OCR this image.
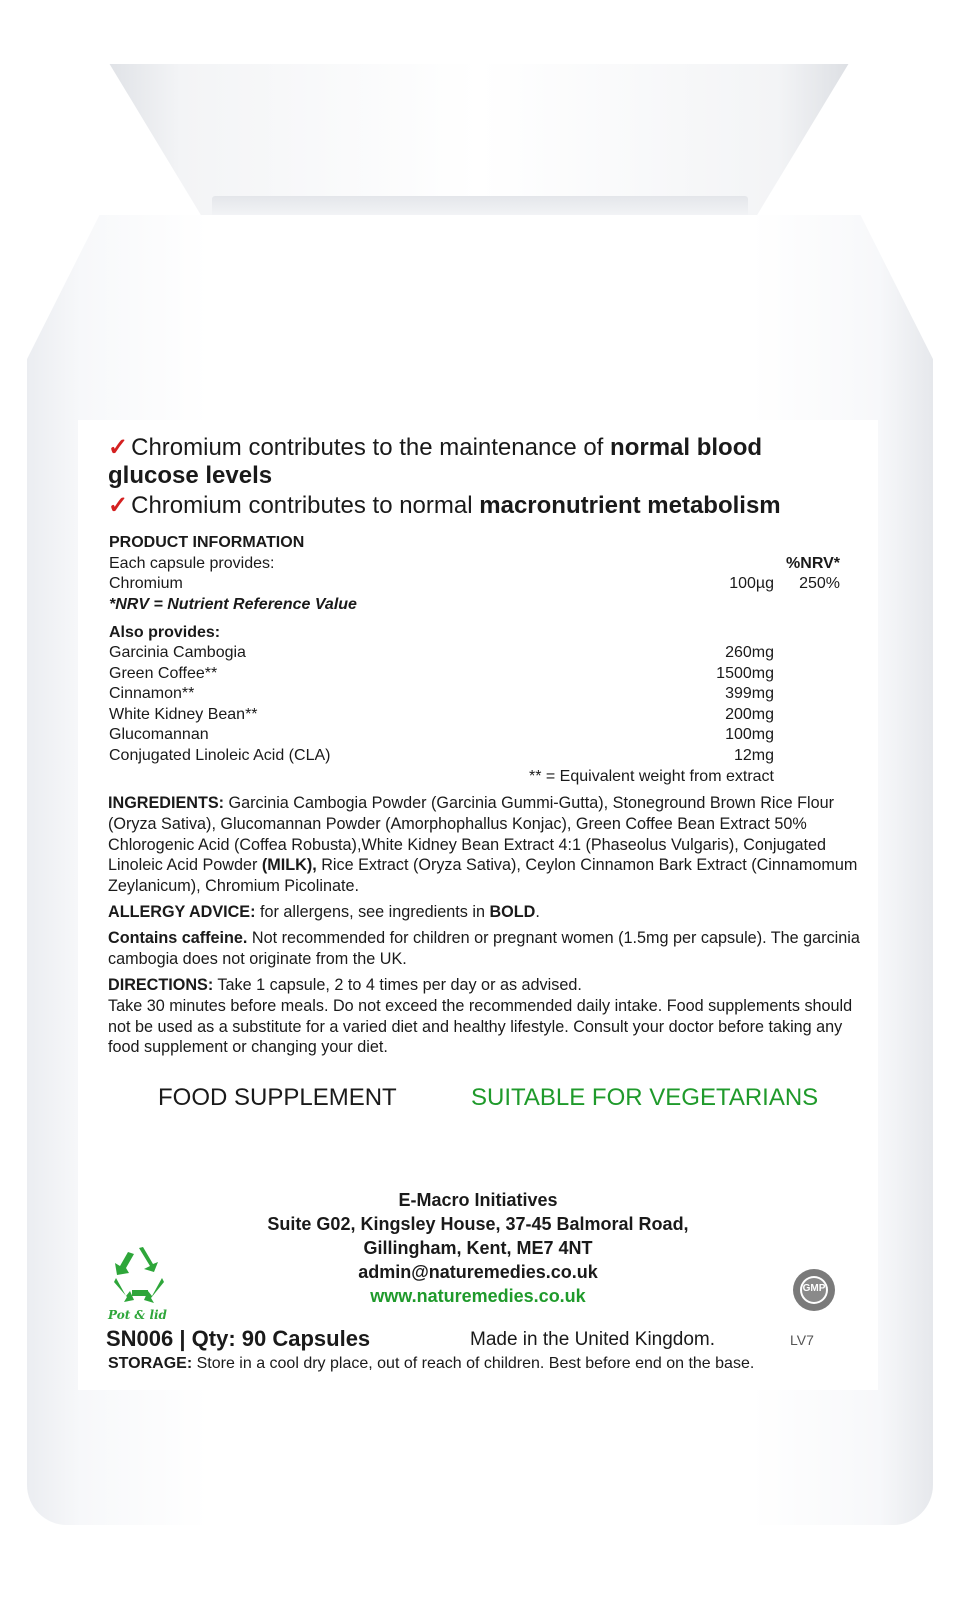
✓ Chromium contributes to the maintenance of normal blood glucose levels
✓ Chromium contributes to normal macronutrient metabolism
PRODUCT INFORMATION
Each capsule provides:	%NRV*
Chromium	100µg 250%
*NRV = Nutrient Reference Value
Also provides:
Garcinia Cambogia	260mg
Green Coffee**	1500mg
Cinnamon**	399mg
White Kidney Bean**	200mg
Glucomannan	100mg
Conjugated Linoleic Acid (CLA)	12mg
** = Equivalent weight from extract
INGREDIENTS: Garcinia Cambogia Powder (Garcinia Gummi-Gutta), Stoneground Brown Rice Flour (Oryza Sativa), Glucomannan Powder (Amorphophallus Konjac), Green Coffee Bean Extract 50% Chlorogenic Acid (Coffea Robusta),White Kidney Bean Extract 4:1 (Phaseolus Vulgaris), Conjugated Linoleic Acid Powder (MILK), Rice Extract (Oryza Sativa), Ceylon Cinnamon Bark Extract (Cinnamomum Zeylanicum), Chromium Picolinate.
ALLERGY ADVICE: for allergens, see ingredients in BOLD.
Contains caffeine. Not recommended for children or pregnant women (1.5mg per capsule). The garcinia cambogia does not originate from the UK.
DIRECTIONS: Take 1 capsule, 2 to 4 times per day or as advised.
Take 30 minutes before meals. Do not exceed the recommended daily intake. Food supplements should not be used as a substitute for a varied diet and healthy lifestyle. Consult your doctor before taking any food supplement or changing your diet.
FOOD SUPPLEMENT	SUITABLE FOR VEGETARIANS
E-Macro Initiatives
Suite G02, Kingsley House, 37-45 Balmoral Road,
Gillingham, Kent, ME7 4NT
admin@naturemedies.co.uk
www.naturemedies.co.uk
Pot & lid
GMP
SN006 | Qty: 90 Capsules	Made in the United Kingdom.	LV7
STORAGE: Store in a cool dry place, out of reach of children. Best before end on the base.
